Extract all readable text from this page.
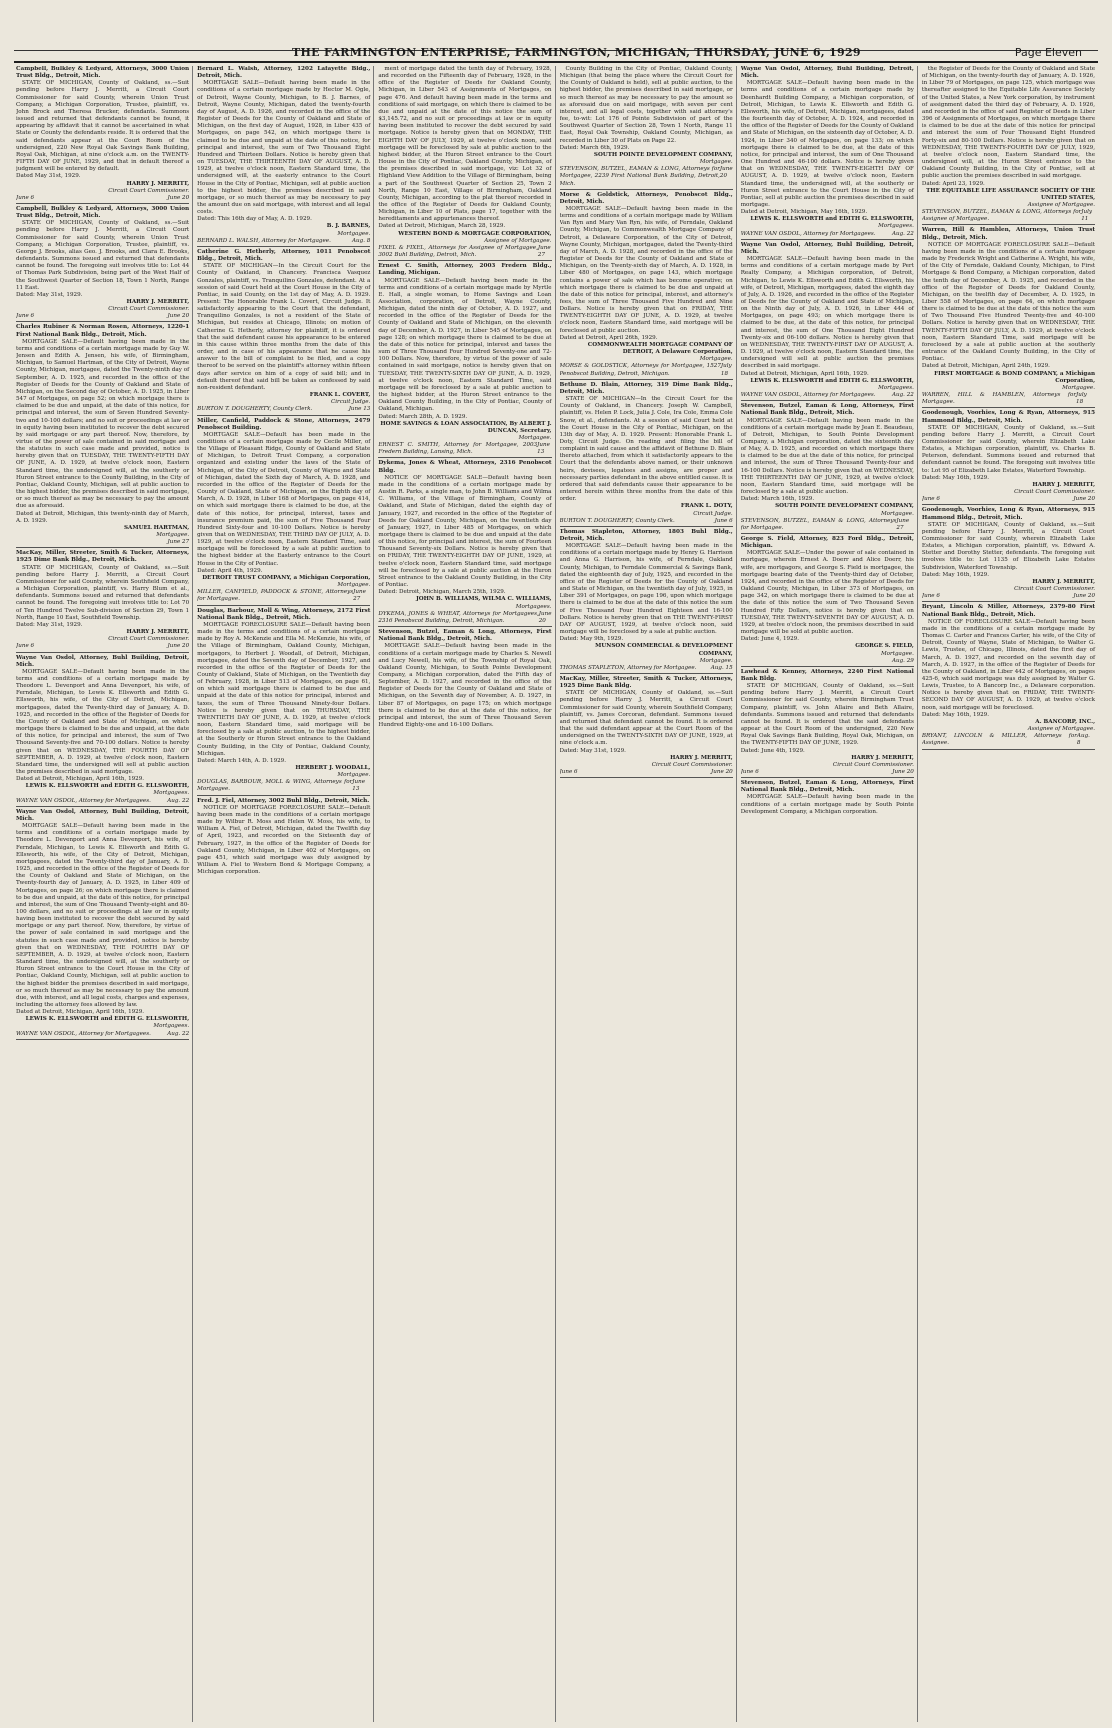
THE FARMINGTON ENTERPRISE, FARMINGTON, MICHIGAN, THURSDAY, JUNE 6, 1929	Page Eleven

Campbell, Bulkley & Ledyard, Attorneys, 3000 Union Trust Bldg., Detroit, Mich.

STATE OF MICHIGAN, County of Oakland, ss.—Suit pending before Harry J. Merritt, a Circuit Court Commissioner for said County, wherein Union Trust Company, a Michigan Corporation, Trustee, plaintiff, vs. John Brock and Theresa Brucker, defendants. Summons issued and returned that defendants cannot be found, it appearing by affidavit that it cannot be ascertained in what State or County the defendants reside. It is ordered that the said defendants appear at the Court Room of the undersigned, 220 New Royal Oak Savings Bank Building, Royal Oak, Michigan, at nine o'clock a.m. on the TWENTY-FIFTH DAY OF JUNE, 1929, and that in default thereof a judgment will be entered by default.

Dated May 31st, 1929.

HARRY J. MERRITT,
Circuit Court Commissioner.
June 6	June 20

Campbell, Bulkley & Ledyard, Attorneys, 3000 Union Trust Bldg., Detroit, Mich.

STATE OF MICHIGAN, County of Oakland, ss.—Suit pending before Harry J. Merritt, a Circuit Court Commissioner for said County, wherein Union Trust Company, a Michigan Corporation, Trustee, plaintiff, vs. George J. Brooks, alias Geo. J. Brooks, and Clara E. Brooks, defendants. Summons issued and returned that defendants cannot be found. The foregoing suit involves title to: Lot 44 of Thomas Park Subdivision, being part of the West Half of the Southwest Quarter of Section 18, Town 1 North, Range 11 East.

Dated: May 31st, 1929.

HARRY J. MERRITT,
Circuit Court Commissioner.
June 6	June 20

Charles Rubiner & Norman Rosen, Attorneys, 1220-1 First National Bank Bldg., Detroit, Mich.

MORTGAGE SALE—Default having been made in the terms and conditions of a certain mortgage made by Guy W. Jensen and Edith A. Jensen, his wife, of Birmingham, Michigan, to Samuel Hartman, of the City of Detroit, Wayne County, Michigan, mortgagee, dated the Twenty-ninth day of September, A. D. 1925, and recorded in the office of the Register of Deeds for the County of Oakland and State of Michigan, on the Second day of October, A. D. 1925, in Liber 547 of Mortgages, on page 52; on which mortgage there is claimed to be due and unpaid, at the date of this notice, for principal and interest, the sum of Seven Hundred Seventy-two and 10-100 dollars; and no suit or proceedings at law or in equity having been instituted to recover the debt secured by said mortgage or any part thereof. Now, therefore, by virtue of the power of sale contained in said mortgage and the statutes in such case made and provided, notice is hereby given that on TUESDAY, THE TWENTY-FIFTH DAY OF JUNE, A. D. 1929, at twelve o'clock noon, Eastern Standard time, the undersigned will, at the southerly or Huron Street entrance to the County Building, in the City of Pontiac, Oakland County, Michigan, sell at public auction to the highest bidder, the premises described in said mortgage, or so much thereof as may be necessary to pay the amount due as aforesaid.

Dated at Detroit, Michigan, this twenty-ninth day of March, A. D. 1929.

SAMUEL HARTMAN,
Mortgagee.
June 27

MacKay, Miller, Streeter, Smith & Tucker, Attorneys, 1925 Dime Bank Bldg., Detroit, Mich.

STATE OF MICHIGAN, County of Oakland, ss.—Suit pending before Harry J. Merritt, a Circuit Court Commissioner for said County, wherein Southfield Company, a Michigan Corporation, plaintiff, vs. Harry Blum et al., defendants. Summons issued and returned that defendants cannot be found. The foregoing suit involves title to: Lot 70 of Ten Hundred Twelve Sub-division of Section 29, Town 1 North, Range 10 East, Southfield Township.

Dated: May 31st, 1929.

HARRY J. MERRITT,
Circuit Court Commissioner.
June 6	June 20

Wayne Van Osdol, Attorney, Buhl Building, Detroit, Mich.

MORTGAGE SALE—Default having been made in the terms and conditions of a certain mortgage made by Theodore L. Devenport and Anna Devenport, his wife, of Ferndale, Michigan, to Lewis K. Ellsworth and Edith G. Ellsworth, his wife, of the City of Detroit, Michigan, mortgagees, dated the Twenty-third day of January, A. D. 1925, and recorded in the office of the Register of Deeds for the County of Oakland and State of Michigan, on which mortgage there is claimed to be due and unpaid, at the date of this notice, for principal and interest, the sum of Two Thousand Seventy-five and 70-100 dollars. Notice is hereby given that on WEDNESDAY, THE FOURTH DAY OF SEPTEMBER, A. D. 1929, at twelve o'clock noon, Eastern Standard time, the undersigned will sell at public auction the premises described in said mortgage.

Dated at Detroit, Michigan, April 16th, 1929.

LEWIS K. ELLSWORTH and EDITH G. ELLSWORTH,
Mortgagees.
WAYNE VAN OSDOL, Attorney for Mortgagees.	Aug. 22

Wayne Van Osdol, Attorney, Buhl Building, Detroit, Mich.

MORTGAGE SALE—Default having been made in the terms and conditions of a certain mortgage made by Theodore L. Devenport and Anna Devenport, his wife, of Ferndale, Michigan, to Lewis K. Ellsworth and Edith G. Ellsworth, his wife, of the City of Detroit, Michigan, mortgagees, dated the Twenty-third day of January, A. D. 1925, and recorded in the office of the Register of Deeds for the County of Oakland and State of Michigan, on the Twenty-fourth day of January, A. D. 1925, in Liber 409 of Mortgages, on page 26; on which mortgage there is claimed to be due and unpaid, at the date of this notice, for principal and interest, the sum of One Thousand Twenty-eight and 80-100 dollars, and no suit or proceedings at law or in equity having been instituted to recover the debt secured by said mortgage or any part thereof. Now, therefore, by virtue of the power of sale contained in said mortgage and the statutes in such case made and provided, notice is hereby given that on WEDNESDAY, THE FOURTH DAY OF SEPTEMBER, A. D. 1929, at twelve o'clock noon, Eastern Standard time, the undersigned will, at the southerly or Huron Street entrance to the Court House in the City of Pontiac, Oakland County, Michigan, sell at public auction to the highest bidder the premises described in said mortgage, or so much thereof as may be necessary to pay the amount due, with interest, and all legal costs, charges and expenses, including the attorney fees allowed by law.

Dated at Detroit, Michigan, April 16th, 1929.

LEWIS K. ELLSWORTH and EDITH G. ELLSWORTH,
Mortgagees.
WAYNE VAN OSDOL, Attorney for Mortgagees.	Aug. 22

Bernard L. Walsh, Attorney, 1202 Lafayette Bldg., Detroit, Mich.

MORTGAGE SALE—Default having been made in the conditions of a certain mortgage made by Hector M. Ogle, of Detroit, Wayne County, Michigan, to B. J. Barnes, of Detroit, Wayne County, Michigan, dated the twenty-fourth day of August, A. D. 1926, and recorded in the office of the Register of Deeds for the County of Oakland and State of Michigan, on the first day of August, 1928, in Liber 435 of Mortgages, on page 542, on which mortgage there is claimed to be due and unpaid at the date of this notice, for principal and interest, the sum of Two Thousand Eight Hundred and Thirteen Dollars. Notice is hereby given that on TUESDAY, THE THIRTEENTH DAY OF AUGUST, A. D. 1929, at twelve o'clock noon, Eastern Standard time, the undersigned will, at the easterly entrance to the Court House in the City of Pontiac, Michigan, sell at public auction to the highest bidder, the premises described in said mortgage, or so much thereof as may be necessary to pay the amount due on said mortgage, with interest and all legal costs.

Dated: This 16th day of May, A. D. 1929.

B. J. BARNES,
Mortgagee.
BERNARD L. WALSH, Attorney for Mortgagee.	Aug. 8

Catherine G. Hetherly, Attorney, 1011 Penobscot Bldg., Detroit, Mich.

STATE OF MICHIGAN—In the Circuit Court for the County of Oakland, in Chancery. Francisca Vasquez Gonzales, plaintiff, vs. Tranquilino Gonzales, defendant. At a session of said Court held at the Court House in the City of Pontiac, in said County, on the 1st day of May, A. D. 1929. Present: The Honorable Frank L. Covert, Circuit Judge. It satisfactorily appearing to the Court that the defendant, Tranquilino Gonzales, is not a resident of the State of Michigan, but resides at Chicago, Illinois; on motion of Catherine G. Hetherly, attorney for plaintiff, it is ordered that the said defendant cause his appearance to be entered in this cause within three months from the date of this order, and in case of his appearance that he cause his answer to the bill of complaint to be filed, and a copy thereof to be served on the plaintiff's attorney within fifteen days after service on him of a copy of said bill; and in default thereof that said bill be taken as confessed by said non-resident defendant.

FRANK L. COVERT,
Circuit Judge.
BURTON T. DOUGHERTY, County Clerk.	June 13

Miller, Canfield, Paddock & Stone, Attorneys, 2479 Penobscot Building.

MORTGAGE SALE—Default has been made in the conditions of a certain mortgage made by Cecile Miller, of the Village of Pleasant Ridge, County of Oakland and State of Michigan, to Detroit Trust Company, a corporation organized and existing under the laws of the State of Michigan, of the City of Detroit, County of Wayne and State of Michigan, dated the Sixth day of March, A. D. 1928, and recorded in the office of the Register of Deeds for the County of Oakland, State of Michigan, on the Eighth day of March, A. D. 1928, in Liber 168 of Mortgages, on page 414, on which said mortgage there is claimed to be due, at the date of this notice, for principal, interest, taxes and insurance premium paid, the sum of Five Thousand Four Hundred Sixty-four and 10-100 Dollars. Notice is hereby given that on WEDNESDAY, THE THIRD DAY OF JULY, A. D. 1929, at twelve o'clock noon, Eastern Standard Time, said mortgage will be foreclosed by a sale at public auction to the highest bidder at the Easterly entrance to the Court House in the City of Pontiac.

Dated: April 4th, 1929.

DETROIT TRUST COMPANY, a Michigan Corporation,
Mortgagee.
MILLER, CANFIELD, PADDOCK & STONE, Attorneys for Mortgagee.
June 27

Douglas, Barbour, Moll & Wing, Attorneys, 2172 First National Bank Bldg., Detroit, Mich.

MORTGAGE FORECLOSURE SALE—Default having been made in the terms and conditions of a certain mortgage made by Roy A. McKenzie and Ella M. McKenzie, his wife, of the Village of Birmingham, Oakland County, Michigan, mortgagors, to Herbert J. Woodall, of Detroit, Michigan, mortgagee, dated the Seventh day of December, 1927, and recorded in the office of the Register of Deeds for the County of Oakland, State of Michigan, on the Twentieth day of February, 1928, in Liber 513 of Mortgages, on page 61, on which said mortgage there is claimed to be due and unpaid at the date of this notice for principal, interest and taxes, the sum of Three Thousand Ninety-four Dollars. Notice is hereby given that on THURSDAY, THE TWENTIETH DAY OF JUNE, A. D. 1929, at twelve o'clock noon, Eastern Standard time, said mortgage will be foreclosed by a sale at public auction, to the highest bidder, at the Southerly or Huron Street entrance to the Oakland County Building, in the City of Pontiac, Oakland County, Michigan.

Dated: March 14th, A. D. 1929.

HERBERT J. WOODALL,
Mortgagee.
DOUGLAS, BARBOUR, MOLL & WING, Attorneys for Mortgagee.
June 13

Fred. J. Fiel, Attorney, 3002 Buhl Bldg., Detroit, Mich.

NOTICE OF MORTGAGE FORECLOSURE SALE—Default having been made in the conditions of a certain mortgage made by Wilbur R. Moss and Helen W. Moss, his wife, to William A. Fiel, of Detroit, Michigan, dated the Twelfth day of April, 1923, and recorded on the Sixteenth day of February, 1927, in the office of the Register of Deeds for Oakland County, Michigan, in Liber 402 of Mortgages, on page 451, which said mortgage was duly assigned by William A. Fiel to Western Bond & Mortgage Company, a Michigan corporation.

ment of mortgage dated the tenth day of February, 1928, and recorded on the Fifteenth day of February, 1928, in the office of the Register of Deeds for Oakland County, Michigan, in Liber 543 of Assignments of Mortgages, on page 476. And default having been made in the terms and conditions of said mortgage, on which there is claimed to be due and unpaid at the date of this notice the sum of $3,145.72, and no suit or proceedings at law or in equity having been instituted to recover the debt secured by said mortgage. Notice is hereby given that on MONDAY, THE EIGHTH DAY OF JULY, 1929, at twelve o'clock noon, said mortgage will be foreclosed by sale at public auction to the highest bidder, at the Huron Street entrance to the Court House in the City of Pontiac, Oakland County, Michigan, of the premises described in said mortgage, viz: Lot 32 of Highland View Addition to the Village of Birmingham, being a part of the Southwest Quarter of Section 25, Town 2 North, Range 10 East, Village of Birmingham, Oakland County, Michigan, according to the plat thereof recorded in the office of the Register of Deeds for Oakland County, Michigan, in Liber 10 of Plats, page 17, together with the hereditaments and appurtenances thereof.

Dated at Detroit, Michigan, March 28, 1929.

WESTERN BOND & MORTGAGE CORPORATION,
Assignee of Mortgagee.
FIXEL & FIXEL, Attorneys for Assignee of Mortgagee, 3002 Buhl Building, Detroit, Mich.
June 27

Ernest C. Smith, Attorney, 2003 Fredern Bldg., Landing, Michigan.

MORTGAGE SALE—Default having been made in the terms and conditions of a certain mortgage made by Myrtle E. Hall, a single woman, to Home Savings and Loan Association, corporation, of Detroit, Wayne County, Michigan, dated the ninth day of October, A. D. 1927, and recorded in the office of the Register of Deeds for the County of Oakland and State of Michigan, on the eleventh day of December, A. D. 1927, in Liber 545 of Mortgages, on page 128; on which mortgage there is claimed to be due at the date of this notice for principal, interest and taxes the sum of Three Thousand Four Hundred Seventy-one and 72-100 Dollars. Now, therefore, by virtue of the power of sale contained in said mortgage, notice is hereby given that on TUESDAY, THE TWENTY-SIXTH DAY OF JUNE, A. D. 1929, at twelve o'clock noon, Eastern Standard Time, said mortgage will be foreclosed by a sale at public auction to the highest bidder, at the Huron Street entrance to the Oakland County Building, in the City of Pontiac, County of Oakland, Michigan.

Dated: March 28th, A. D. 1929.

HOME SAVINGS & LOAN ASSOCIATION, By ALBERT J. DUNCAN, Secretary,
Mortgagee.
ERNEST C. SMITH, Attorney for Mortgagee, 2003 Fredern Building, Lansing, Mich.
June 13

Dykema, Jones & Wheat, Attorneys, 2316 Penobscot Bldg.

NOTICE OF MORTGAGE SALE—Default having been made in the conditions of a certain mortgage made by Austin R. Parks, a single man, to John B. Williams and Wilma C. Williams, of the Village of Birmingham, County of Oakland, and State of Michigan, dated the eighth day of January, 1927, and recorded in the office of the Register of Deeds for Oakland County, Michigan, on the twentieth day of January, 1927, in Liber 485 of Mortgages, on which mortgage there is claimed to be due and unpaid at the date of this notice, for principal and interest, the sum of Fourteen Thousand Seventy-six Dollars. Notice is hereby given that on FRIDAY, THE TWENTY-EIGHTH DAY OF JUNE, 1929, at twelve o'clock noon, Eastern Standard time, said mortgage will be foreclosed by a sale at public auction at the Huron Street entrance to the Oakland County Building, in the City of Pontiac.

Dated: Detroit, Michigan, March 25th, 1929.

JOHN B. WILLIAMS, WILMA C. WILLIAMS,
Mortgagees.
DYKEMA, JONES & WHEAT, Attorneys for Mortgagees, 2316 Penobscot Building, Detroit, Michigan.
June 20

Stevenson, Butzel, Eaman & Long, Attorneys, First National Bank Bldg., Detroit, Mich.

MORTGAGE SALE—Default having been made in the conditions of a certain mortgage made by Charles S. Newell and Lucy Newell, his wife, of the Township of Royal Oak, Oakland County, Michigan, to South Pointe Development Company, a Michigan corporation, dated the Fifth day of September, A. D. 1927, and recorded in the office of the Register of Deeds for the County of Oakland and State of Michigan, on the Seventh day of November, A. D. 1927, in Liber 87 of Mortgages, on page 175; on which mortgage there is claimed to be due at the date of this notice, for principal and interest, the sum of Three Thousand Seven Hundred Eighty-one and 16-100 Dollars.

County Building in the City of Pontiac, Oakland County, Michigan (that being the place where the Circuit Court for the County of Oakland is held), sell at public auction, to the highest bidder, the premises described in said mortgage, or so much thereof as may be necessary to pay the amount so as aforesaid due on said mortgage, with seven per cent interest, and all legal costs, together with said attorney's fee, to-wit: Lot 176 of Pointe Subdivision of part of the Southwest Quarter of Section 28, Town 1 North, Range 11 East, Royal Oak Township, Oakland County, Michigan, as recorded in Liber 30 of Plats on Page 22.

Dated: March 6th, 1929.

SOUTH POINTE DEVELOPMENT COMPANY,
Mortgagee.
STEVENSON, BUTZEL, EAMAN & LONG, Attorneys for Mortgagee, 2239 First National Bank Building, Detroit, Mich.
June 20

Morse & Goldstick, Attorneys, Penobscot Bldg., Detroit, Mich.

MORTGAGE SALE—Default having been made in the terms and conditions of a certain mortgage made by William Van Ryn and Mary Van Ryn, his wife, of Ferndale, Oakland County, Michigan, to Commonwealth Mortgage Company of Detroit, a Delaware Corporation, of the City of Detroit, Wayne County, Michigan, mortgagee, dated the Twenty-third day of March, A. D. 1928, and recorded in the office of the Register of Deeds for the County of Oakland and State of Michigan, on the Twenty-sixth day of March, A. D. 1928, in Liber 480 of Mortgages, on page 143, which mortgage contains a power of sale which has become operative; on which mortgage there is claimed to be due and unpaid at the date of this notice for principal, interest, and attorney's fees, the sum of Three Thousand Five Hundred and Nine Dollars. Notice is hereby given that on FRIDAY, THE TWENTY-EIGHTH DAY OF JUNE, A. D. 1929, at twelve o'clock noon, Eastern Standard time, said mortgage will be foreclosed at public auction.

Dated at Detroit, April 26th, 1929.

COMMONWEALTH MORTGAGE COMPANY OF DETROIT, A Delaware Corporation,
Mortgagee.
MORSE & GOLDSTICK, Attorneys for Mortgagee, 1527 Penobscot Building, Detroit, Michigan.
July 18

Bethune D. Blain, Attorney, 319 Dime Bank Bldg., Detroit, Mich.

STATE OF MICHIGAN—In the Circuit Court for the County of Oakland, in Chancery. Joseph W. Campbell, plaintiff, vs. Helen P. Lock, Julia J. Cole, Ira Cole, Emma Cole Snow, et al., defendants. At a session of said Court held at the Court House in the City of Pontiac, Michigan, on the 13th day of May, A. D. 1929. Present: Honorable Frank L. Doty, Circuit Judge. On reading and filing the bill of complaint in said cause and the affidavit of Bethune D. Blain thereto attached, from which it satisfactorily appears to the Court that the defendants above named, or their unknown heirs, devisees, legatees and assigns, are proper and necessary parties defendant in the above entitled cause. It is ordered that said defendants cause their appearance to be entered herein within three months from the date of this order.

FRANK L. DOTY,
Circuit Judge.
BURTON T. DOUGHERTY, County Clerk.	June 6

Thomas Stapleton, Attorney, 1803 Buhl Bldg., Detroit, Mich.

MORTGAGE SALE—Default having been made in the conditions of a certain mortgage made by Henry G. Harrison and Anna G. Harrison, his wife, of Ferndale, Oakland County, Michigan, to Ferndale Commercial & Savings Bank, dated the eighteenth day of July, 1925, and recorded in the office of the Register of Deeds for the County of Oakland and State of Michigan, on the twentieth day of July, 1925, in Liber 391 of Mortgages, on page 196, upon which mortgage there is claimed to be due at the date of this notice the sum of Five Thousand Four Hundred Eighteen and 16-100 Dollars. Notice is hereby given that on THE TWENTY-FIRST DAY OF AUGUST, 1929, at twelve o'clock noon, said mortgage will be foreclosed by a sale at public auction.

Dated: May 9th, 1929.

MUNSON COMMERCIAL & DEVELOPMENT COMPANY,
Mortgagee.
THOMAS STAPLETON, Attorney for Mortgagee.	Aug. 15

MacKay, Miller, Streeter, Smith & Tucker, Attorneys, 1925 Dime Bank Bldg.

STATE OF MICHIGAN, County of Oakland, ss.—Suit pending before Harry J. Merritt, a Circuit Court Commissioner for said County, wherein Southfield Company, plaintiff, vs. James Corcoran, defendant. Summons issued and returned that defendant cannot be found. It is ordered that the said defendant appear at the Court Room of the undersigned on the TWENTY-SIXTH DAY OF JUNE, 1929, at nine o'clock a.m.

Dated: May 31st, 1929.

HARRY J. MERRITT,
Circuit Court Commissioner.
June 6	June 20

Wayne Van Osdol, Attorney, Buhl Building, Detroit, Mich.

MORTGAGE SALE—Default having been made in the terms and conditions of a certain mortgage made by Deenhardt Building Company, a Michigan corporation, of Detroit, Michigan, to Lewis K. Ellsworth and Edith G. Ellsworth, his wife, of Detroit, Michigan, mortgagees, dated the fourteenth day of October, A. D. 1924, and recorded in the office of the Register of Deeds for the County of Oakland and State of Michigan, on the sixteenth day of October, A. D. 1924, in Liber 340 of Mortgages, on page 133; on which mortgage there is claimed to be due, at the date of this notice, for principal and interest, the sum of One Thousand One Hundred and 46-100 dollars. Notice is hereby given that on WEDNESDAY, THE TWENTY-EIGHTH DAY OF AUGUST, A. D. 1929, at twelve o'clock noon, Eastern Standard time, the undersigned will, at the southerly or Huron Street entrance to the Court House in the City of Pontiac, sell at public auction the premises described in said mortgage.

Dated at Detroit, Michigan, May 16th, 1929.

LEWIS K. ELLSWORTH and EDITH G. ELLSWORTH,
Mortgagees.
WAYNE VAN OSDOL, Attorney for Mortgagees.	Aug. 22

Wayne Van Osdol, Attorney, Buhl Building, Detroit, Mich.

MORTGAGE SALE—Default having been made in the terms and conditions of a certain mortgage made by Pert Realty Company, a Michigan corporation, of Detroit, Michigan, to Lewis K. Ellsworth and Edith G. Ellsworth, his wife, of Detroit, Michigan, mortgagees, dated the eighth day of July, A. D. 1926, and recorded in the office of the Register of Deeds for the County of Oakland and State of Michigan, on the Ninth day of July, A. D. 1926, in Liber 444 of Mortgages, on page 493; on which mortgage there is claimed to be due, at the date of this notice, for principal and interest, the sum of One Thousand Eight Hundred Twenty-six and 06-100 dollars. Notice is hereby given that on WEDNESDAY, THE TWENTY-FIRST DAY OF AUGUST, A. D. 1929, at twelve o'clock noon, Eastern Standard time, the undersigned will sell at public auction the premises described in said mortgage.

Dated at Detroit, Michigan, April 16th, 1929.

LEWIS K. ELLSWORTH and EDITH G. ELLSWORTH,
Mortgagees.
WAYNE VAN OSDOL, Attorney for Mortgagees.	Aug. 22

Stevenson, Butzel, Eaman & Long, Attorneys, First National Bank Bldg., Detroit, Mich.

MORTGAGE SALE—Default having been made in the conditions of a certain mortgage made by Jean E. Beaudeau, of Detroit, Michigan, to South Pointe Development Company, a Michigan corporation, dated the sixteenth day of May, A. D. 1925, and recorded on which mortgage there is claimed to be due at the date of this notice, for principal and interest, the sum of Three Thousand Twenty-four and 16-100 Dollars. Notice is hereby given that on WEDNESDAY, THE THIRTEENTH DAY OF JUNE, 1929, at twelve o'clock noon, Eastern Standard time, said mortgage will be foreclosed by a sale at public auction.

Dated: March 16th, 1929.

SOUTH POINTE DEVELOPMENT COMPANY,
Mortgagee.
STEVENSON, BUTZEL, EAMAN & LONG, Attorneys for Mortgagee.
June 27

George S. Field, Attorney, 823 Ford Bldg., Detroit, Michigan.

MORTGAGE SALE—Under the power of sale contained in mortgage, wherein Ernest A. Doerr and Alice Doerr, his wife, are mortgagors, and George S. Field is mortgagee, the mortgage bearing date of the Twenty-third day of October, 1924, and recorded in the office of the Register of Deeds for Oakland County, Michigan, in Liber 373 of Mortgages, on page 342, on which mortgage there is claimed to be due at the date of this notice the sum of Two Thousand Seven Hundred Fifty Dollars, notice is hereby given that on TUESDAY, THE TWENTY-SEVENTH DAY OF AUGUST, A. D. 1929, at twelve o'clock noon, the premises described in said mortgage will be sold at public auction.

Dated: June 4, 1929.

GEORGE S. FIELD,
Mortgagee.
Aug. 29

Lawhead & Kenney, Attorneys, 2240 First National Bank Bldg.

STATE OF MICHIGAN, County of Oakland, ss.—Suit pending before Harry J. Merritt, a Circuit Court Commissioner for said County, wherein Birmingham Trust Company, plaintiff, vs. John Allaire and Beth Allaire, defendants. Summons issued and returned that defendants cannot be found. It is ordered that the said defendants appear at the Court Room of the undersigned, 220 New Royal Oak Savings Bank Building, Royal Oak, Michigan, on the TWENTY-FIFTH DAY OF JUNE, 1929.

Dated: June 4th, 1929.

HARRY J. MERRITT,
Circuit Court Commissioner.
June 6	June 20

Stevenson, Butzel, Eaman & Long, Attorneys, First National Bank Bldg., Detroit, Mich.

MORTGAGE SALE—Default having been made in the conditions of a certain mortgage made by South Pointe Development Company, a Michigan corporation.

the Register of Deeds for the County of Oakland and State of Michigan, on the twenty-fourth day of January, A. D. 1926, in Liber 79 of Mortgages, on page 125, which mortgage was thereafter assigned to the Equitable Life Assurance Society of the United States, a New York corporation, by instrument of assignment dated the third day of February, A. D. 1926, and recorded in the office of said Register of Deeds in Liber 396 of Assignments of Mortgages, on which mortgage there is claimed to be due at the date of this notice for principal and interest the sum of Four Thousand Eight Hundred Forty-six and 80-100 Dollars. Notice is hereby given that on WEDNESDAY, THE TWENTY-FOURTH DAY OF JULY, 1929, at twelve o'clock noon, Eastern Standard time, the undersigned will, at the Huron Street entrance to the Oakland County Building, in the City of Pontiac, sell at public auction the premises described in said mortgage.

Dated: April 23, 1929.

THE EQUITABLE LIFE ASSURANCE SOCIETY OF THE UNITED STATES,
Assignee of Mortgagee.
STEVENSON, BUTZEL, EAMAN & LONG, Attorneys for Assignee of Mortgagee.
July 11

Warren, Hill & Hamblen, Attorneys, Union Trust Bldg., Detroit, Mich.

NOTICE OF MORTGAGE FORECLOSURE SALE—Default having been made in the conditions of a certain mortgage made by Frederick Wright and Catherine A. Wright, his wife, of the City of Ferndale, Oakland County, Michigan, to First Mortgage & Bond Company, a Michigan corporation, dated the tenth day of December, A. D. 1925, and recorded in the office of the Register of Deeds for Oakland County, Michigan, on the twelfth day of December, A. D. 1925, in Liber 558 of Mortgages, on page 64, on which mortgage there is claimed to be due at the date of this notice the sum of Two Thousand Five Hundred Twenty-five and 40-100 Dollars. Notice is hereby given that on WEDNESDAY, THE TWENTY-FIFTH DAY OF JULY, A. D. 1929, at twelve o'clock noon, Eastern Standard Time, said mortgage will be foreclosed by a sale at public auction at the southerly entrance of the Oakland County Building, in the City of Pontiac.

Dated at Detroit, Michigan, April 24th, 1929.

FIRST MORTGAGE & BOND COMPANY, a Michigan Corporation,
Mortgagee.
WARREN, HILL & HAMBLEN, Attorneys for Mortgagee.
July 18

Goodenough, Voorhies, Long & Ryan, Attorneys, 915 Hammond Bldg., Detroit, Mich.

STATE OF MICHIGAN, County of Oakland, ss.—Suit pending before Harry J. Merritt, a Circuit Court Commissioner for said County, wherein Elizabeth Lake Estates, a Michigan corporation, plaintiff, vs. Charles B. Peterson, defendant. Summons issued and returned that defendant cannot be found. The foregoing suit involves title to: Lot 95 of Elizabeth Lake Estates, Waterford Township.

Dated: May 16th, 1929.

HARRY J. MERRITT,
Circuit Court Commissioner.
June 6	June 20

Goodenough, Voorhies, Long & Ryan, Attorneys, 915 Hammond Bldg., Detroit, Mich.

STATE OF MICHIGAN, County of Oakland, ss.—Suit pending before Harry J. Merritt, a Circuit Court Commissioner for said County, wherein Elizabeth Lake Estates, a Michigan corporation, plaintiff, vs. Edward A. Stetter and Dorothy Stetter, defendants. The foregoing suit involves title to: Lot 1135 of Elizabeth Lake Estates Subdivision, Waterford Township.

Dated: May 16th, 1929.

HARRY J. MERRITT,
Circuit Court Commissioner.
June 6	June 20

Bryant, Lincoln & Miller, Attorneys, 2379-80 First National Bank Bldg., Detroit, Mich.

NOTICE OF FORECLOSURE SALE—Default having been made in the conditions of a certain mortgage made by Thomas C. Carter and Frances Carter, his wife, of the City of Detroit, County of Wayne, State of Michigan, to Walter G. Lewis, Trustee, of Chicago, Illinois, dated the first day of March, A. D. 1927, and recorded on the seventh day of March, A. D. 1927, in the office of the Register of Deeds for the County of Oakland, in Liber 442 of Mortgages, on pages 425-6, which said mortgage was duly assigned by Walter G. Lewis, Trustee, to A Bancorp Inc., a Delaware corporation. Notice is hereby given that on FRIDAY, THE TWENTY-SECOND DAY OF AUGUST, A. D. 1929, at twelve o'clock noon, said mortgage will be foreclosed.

Dated: May 16th, 1929.

A. BANCORP, INC.,
Assignee of Mortgagee.
BRYANT, LINCOLN & MILLER, Attorneys for Assignee.
Aug. 8
